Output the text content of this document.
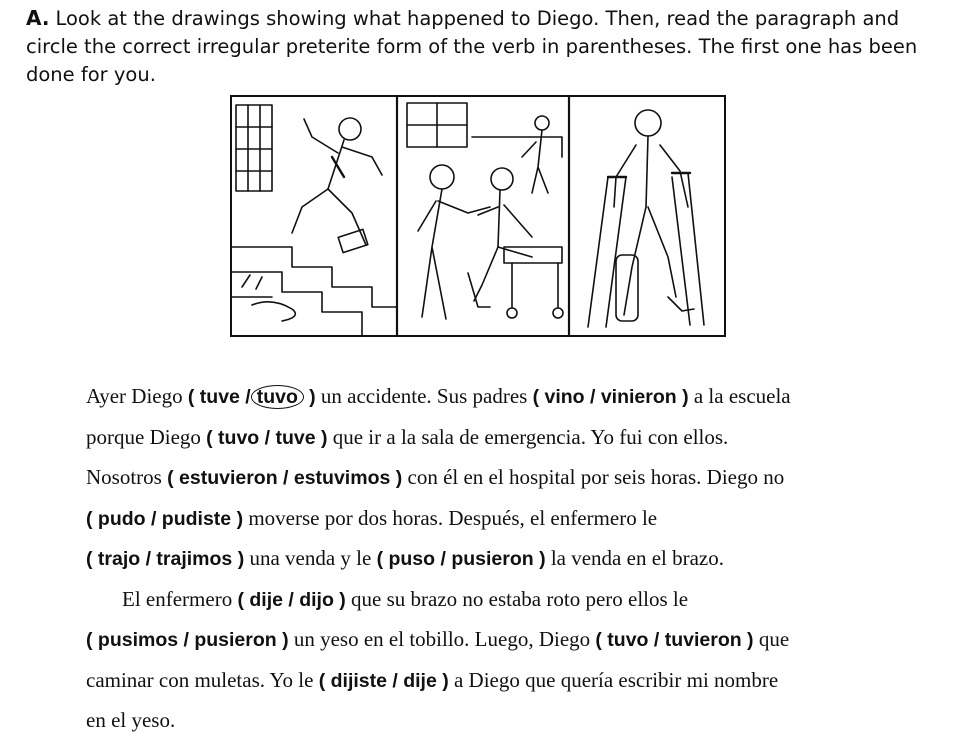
A. Look at the drawings showing what happened to Diego. Then, read the paragraph and circle the correct irregular preterite form of the verb in parentheses. The first one has been done for you.

Ayer Diego ( tuve / tuvo ) un accidente. Sus padres ( vino / vinieron ) a la escuela
porque Diego ( tuvo / tuve ) que ir a la sala de emergencia. Yo fui con ellos.
Nosotros ( estuvieron / estuvimos ) con él en el hospital por seis horas. Diego no
( pudo / pudiste ) moverse por dos horas. Después, el enfermero le
( trajo / trajimos ) una venda y le ( puso / pusieron ) la venda en el brazo.
El enfermero ( dije / dijo ) que su brazo no estaba roto pero ellos le
( pusimos / pusieron ) un yeso en el tobillo. Luego, Diego ( tuvo / tuvieron ) que
caminar con muletas. Yo le ( dijiste / dije ) a Diego que quería escribir mi nombre
en el yeso.
